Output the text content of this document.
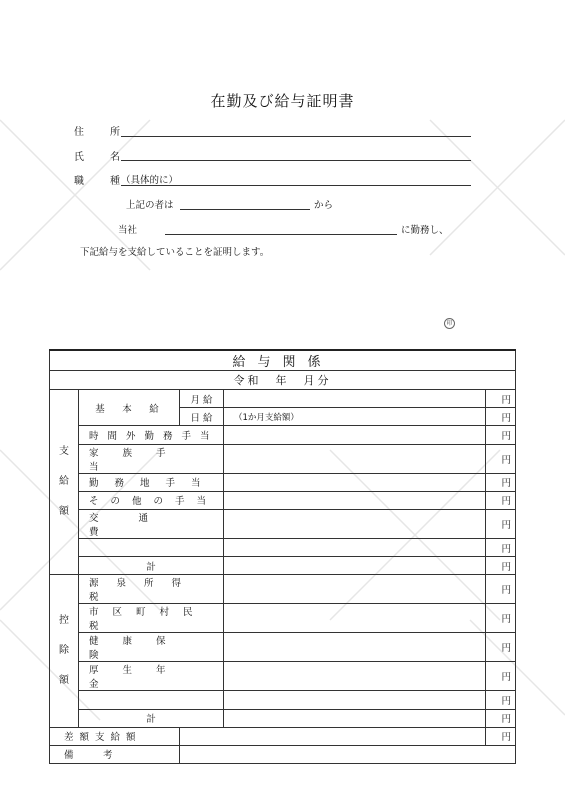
在勤及び給与証明書
住　所
氏　名
職　種
（具体的に）
上記の者は	から
当社	に勤務し、
下記給与を支給していることを証明します。
印
給与関係				
令和　年　月分				
支
給
額	基　本　給	月 給		円
		日 給	（1か月支給額）	円
	時間外勤務手当			円
	家族手当			円
	勤務地手当			円
	その他の手当			円
	交通費			円
				円
	計			円
控
除
額	源泉所得税			円
	市区町村民税			円
	健康保険			円
	厚生年金			円
				円
	計			円
差額支給額				円
備　考				
